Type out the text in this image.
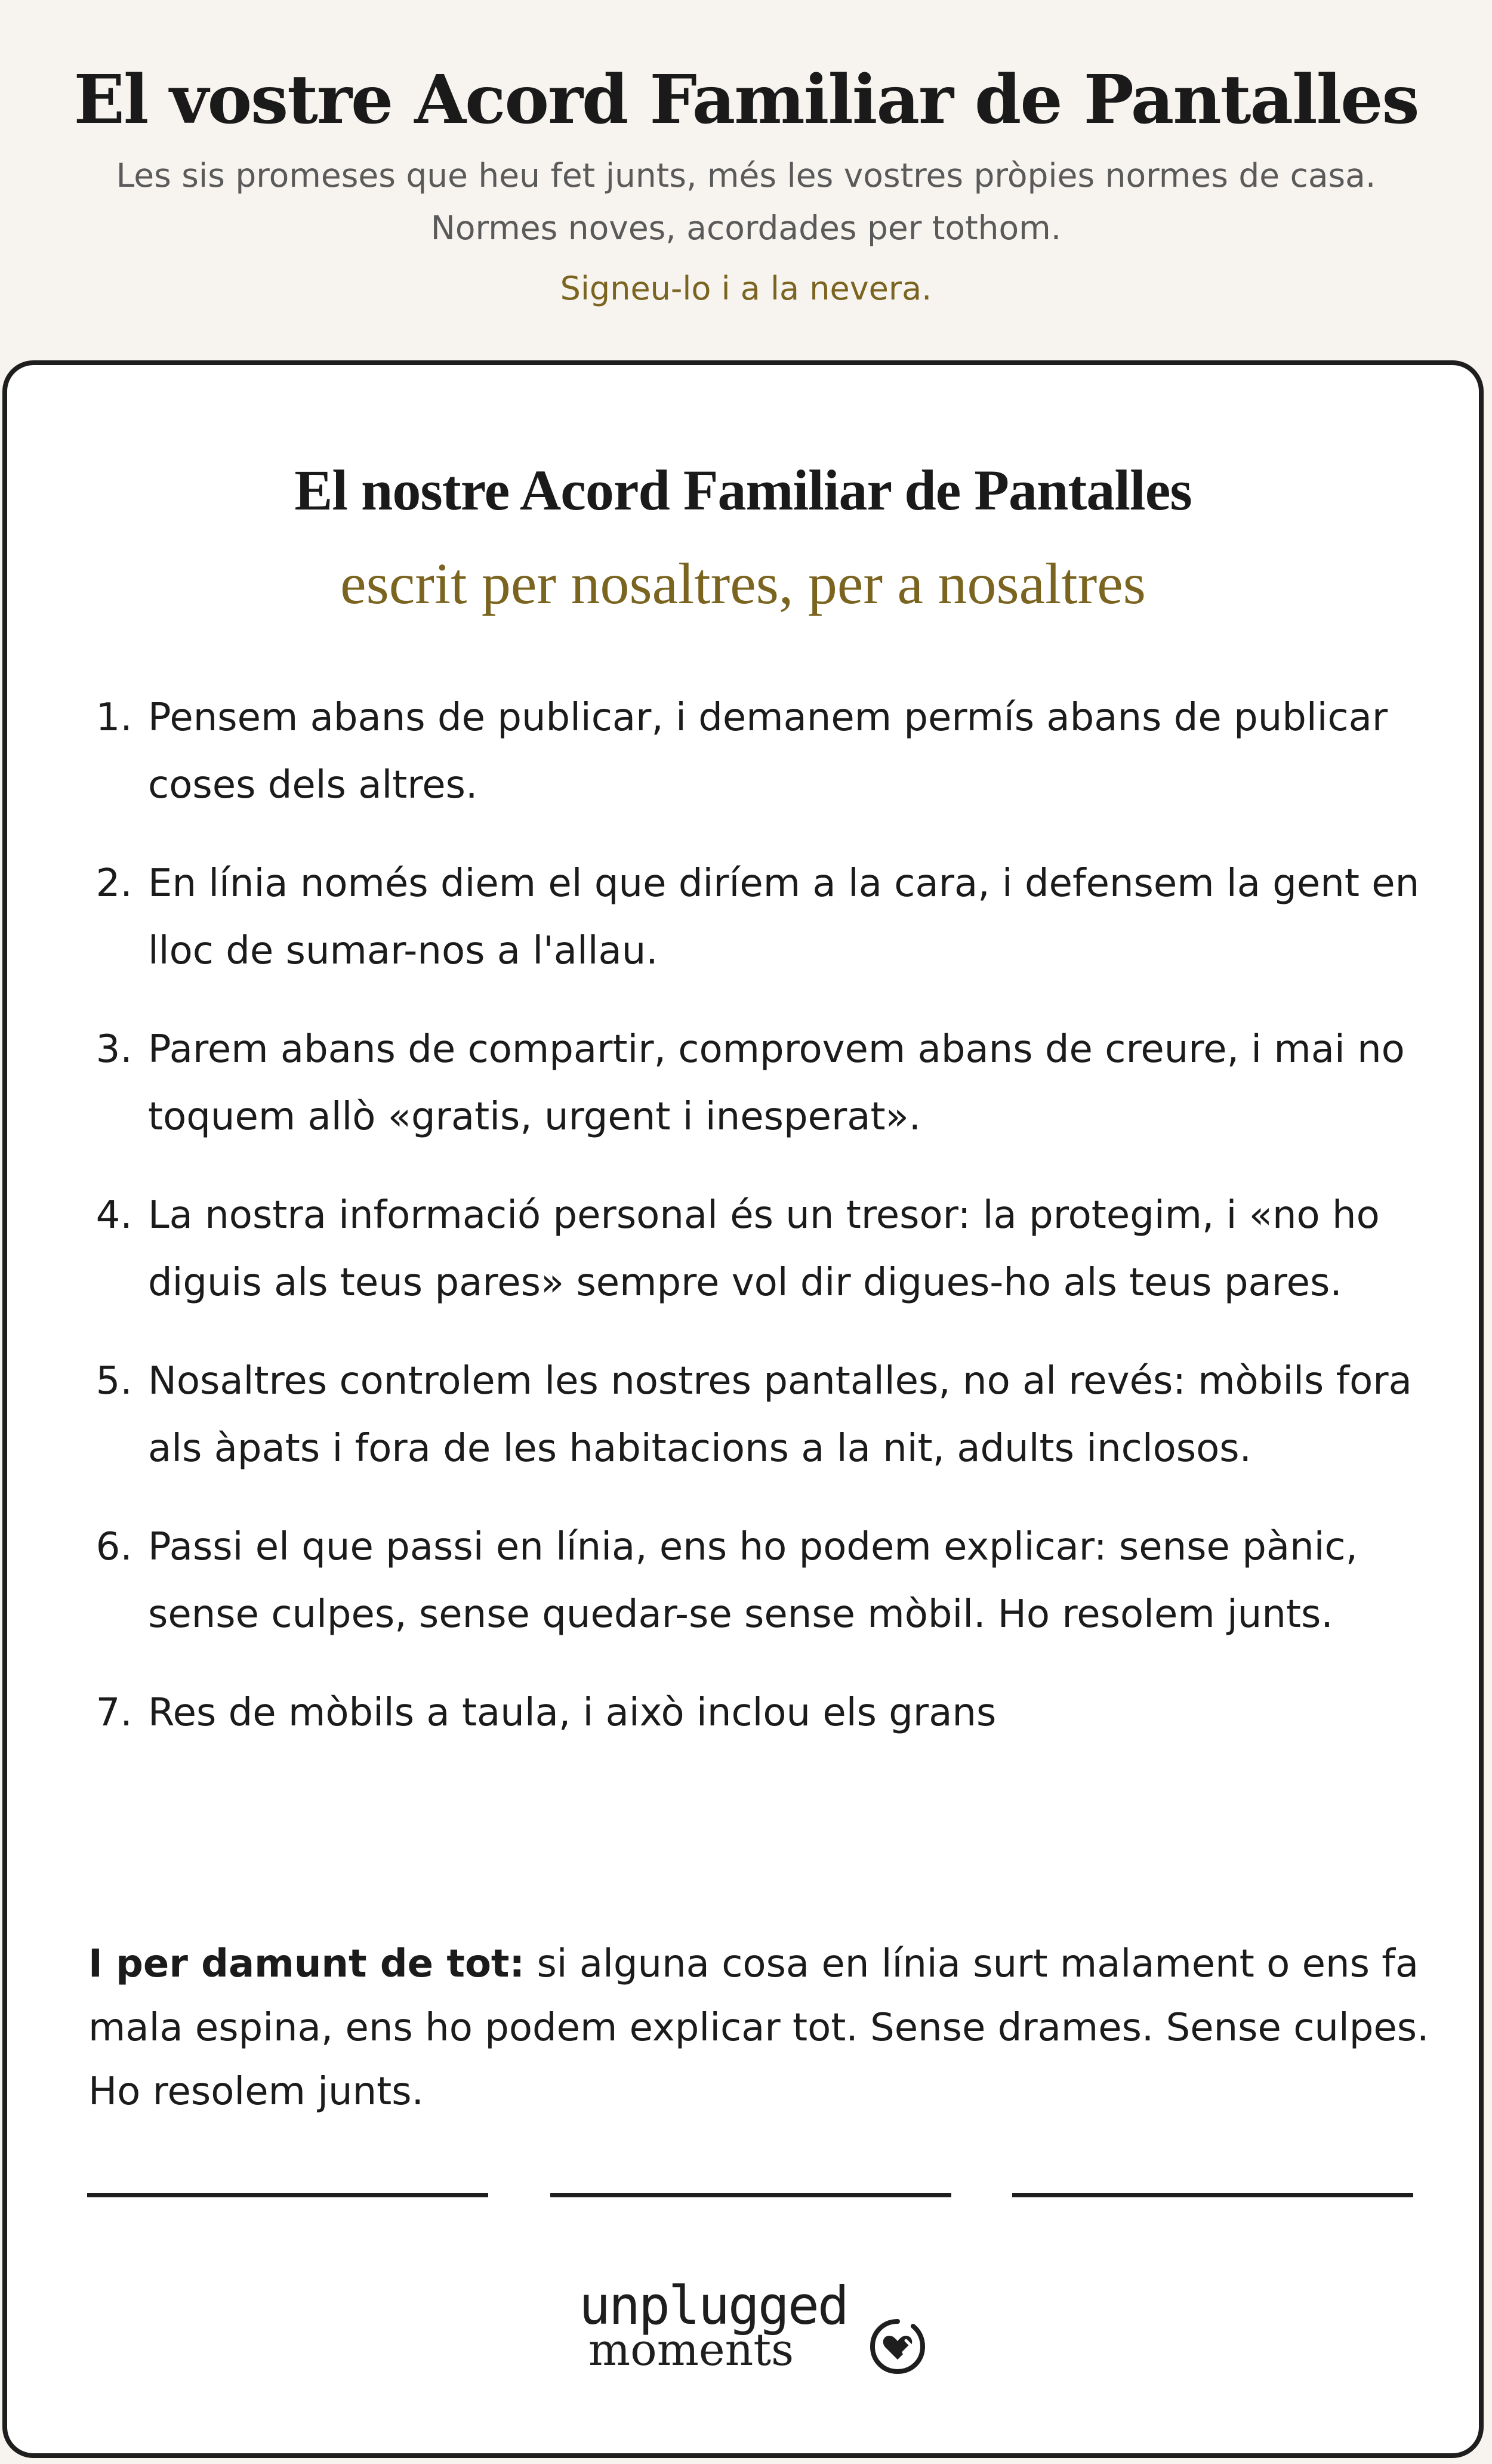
El vostre Acord Familiar de Pantalles
Les sis promeses que heu fet junts, més les vostres pròpies normes de casa. Normes noves, acordades per tothom.
Signeu-lo i a la nevera.
El nostre Acord Familiar de Pantalles
escrit per nosaltres, per a nosaltres
1. Pensem abans de publicar, i demanem permís abans de publicar coses dels altres.
2. En línia només diem el que diríem a la cara, i defensem la gent en lloc de sumar-nos a l'allau.
3. Parem abans de compartir, comprovem abans de creure, i mai no toquem allò «gratis, urgent i inesperat».
4. La nostra informació personal és un tresor: la protegim, i «no ho diguis als teus pares» sempre vol dir digues-ho als teus pares.
5. Nosaltres controlem les nostres pantalles, no al revés: mòbils fora als àpats i fora de les habitacions a la nit, adults inclosos.
6. Passi el que passi en línia, ens ho podem explicar: sense pànic, sense culpes, sense quedar-se sense mòbil. Ho resolem junts.
7. Res de mòbils a taula, i això inclou els grans

I per damunt de tot: si alguna cosa en línia surt malament o ens fa mala espina, ens ho podem explicar tot. Sense drames. Sense culpes. Ho resolem junts.

unplugged
moments
